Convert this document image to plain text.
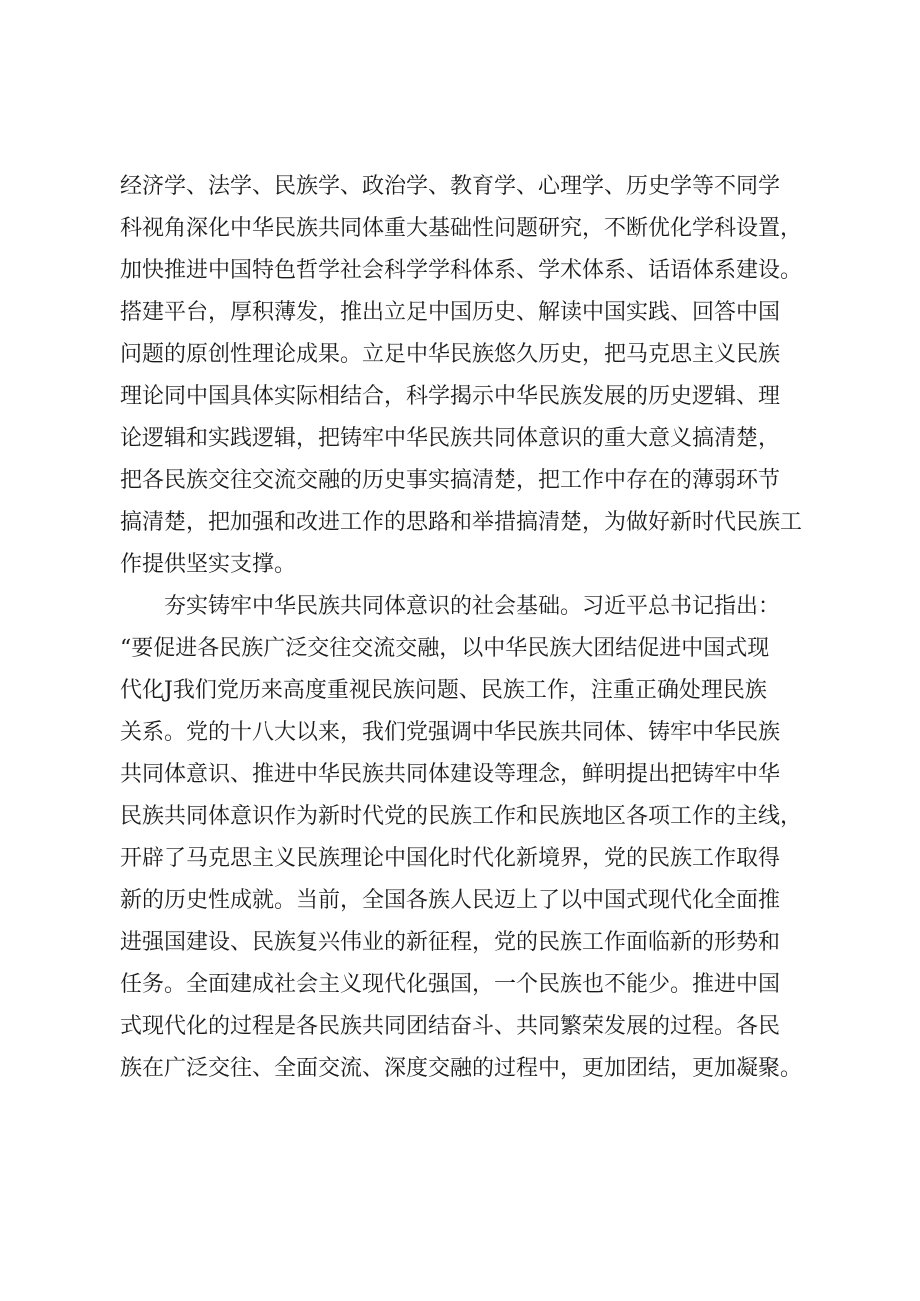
经济学、法学、民族学、政治学、教育学、心理学、历史学等不同学
科视角深化中华民族共同体重大基础性问题研究，不断优化学科设置，
加快推进中国特色哲学社会科学学科体系、学术体系、话语体系建设。
搭建平台，厚积薄发，推出立足中国历史、解读中国实践、回答中国
问题的原创性理论成果。立足中华民族悠久历史，把马克思主义民族
理论同中国具体实际相结合，科学揭示中华民族发展的历史逻辑、理
论逻辑和实践逻辑，把铸牢中华民族共同体意识的重大意义搞清楚，
把各民族交往交流交融的历史事实搞清楚，把工作中存在的薄弱环节
搞清楚，把加强和改进工作的思路和举措搞清楚，为做好新时代民族工
作提供坚实支撑。
夯实铸牢中华民族共同体意识的社会基础。习近平总书记指出：
“要促进各民族广泛交往交流交融，以中华民族大团结促进中国式现
代化J我们党历来高度重视民族问题、民族工作，注重正确处理民族
关系。党的十八大以来，我们党强调中华民族共同体、铸牢中华民族
共同体意识、推进中华民族共同体建设等理念，鲜明提出把铸牢中华
民族共同体意识作为新时代党的民族工作和民族地区各项工作的主线，
开辟了马克思主义民族理论中国化时代化新境界，党的民族工作取得
新的历史性成就。当前，全国各族人民迈上了以中国式现代化全面推
进强国建设、民族复兴伟业的新征程，党的民族工作面临新的形势和
任务。全面建成社会主义现代化强国，一个民族也不能少。推进中国
式现代化的过程是各民族共同团结奋斗、共同繁荣发展的过程。各民
族在广泛交往、全面交流、深度交融的过程中，更加团结，更加凝聚。
